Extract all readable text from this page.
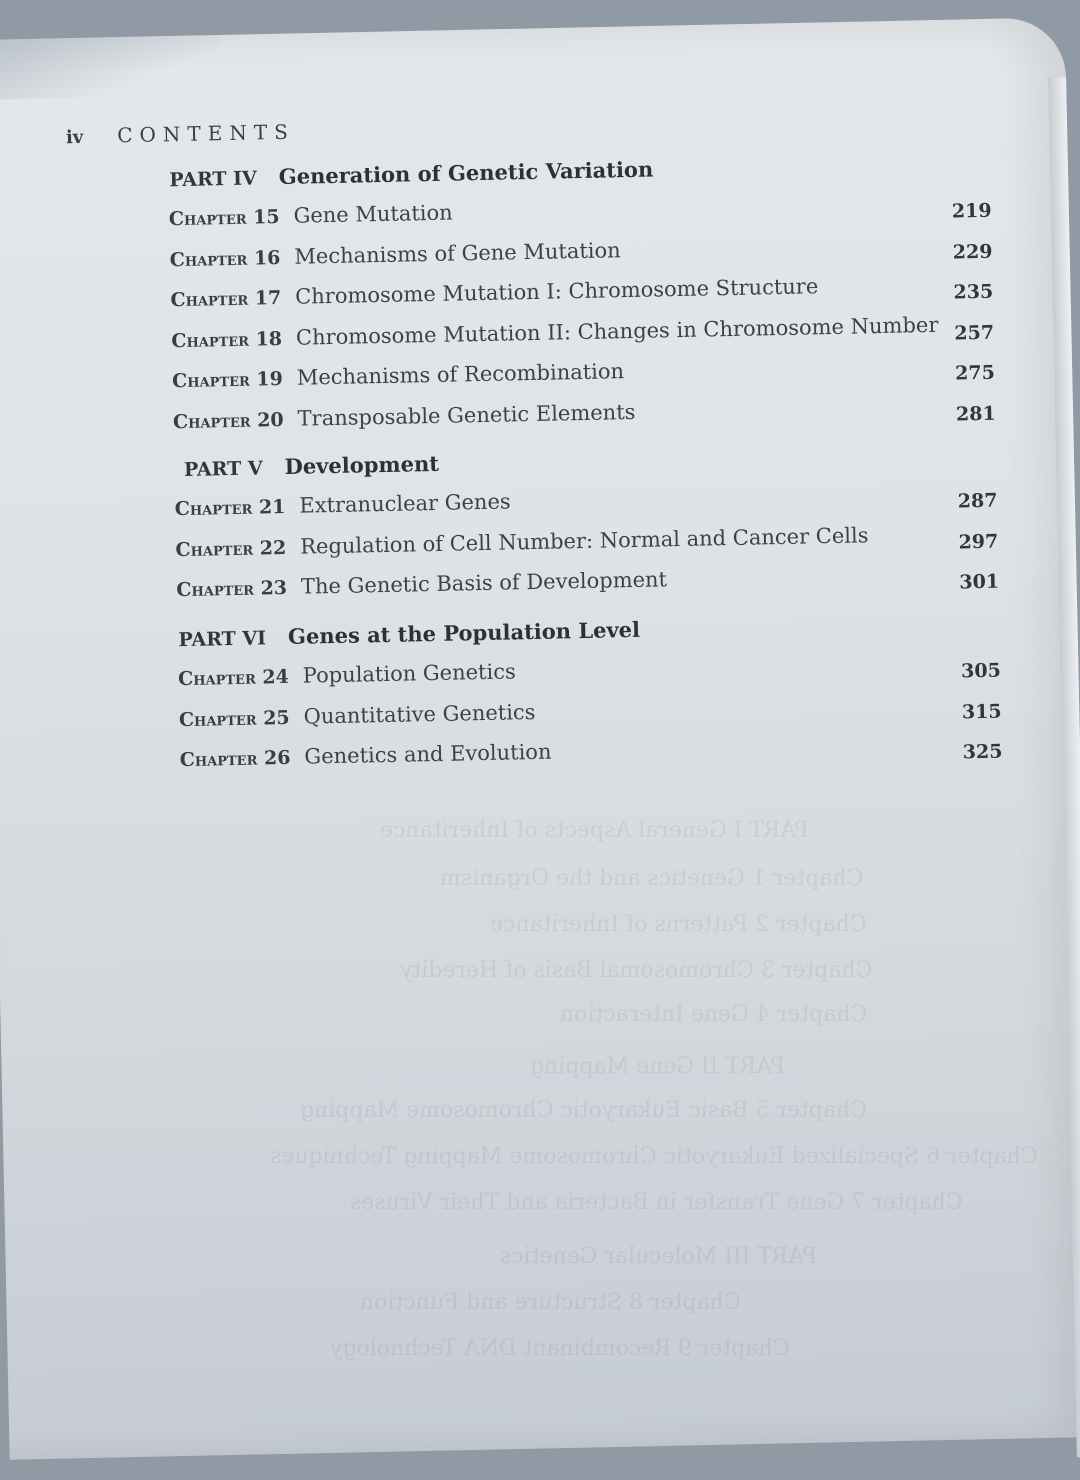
iv CONTENTS
PART IV	Generation of Genetic Variation
Chapter 15 Gene Mutation	219
Chapter 16 Mechanisms of Gene Mutation	229
Chapter 17 Chromosome Mutation I: Chromosome Structure	235
Chapter 18 Chromosome Mutation II: Changes in Chromosome Number 257
Chapter 19 Mechanisms of Recombination	275
Chapter 20 Transposable Genetic Elements	281
PART V	Development
Chapter 21 Extranuclear Genes	287
Chapter 22 Regulation of Cell Number: Normal and Cancer Cells	297
Chapter 23 The Genetic Basis of Development	301
PART VI	Genes at the Population Level
Chapter 24 Population Genetics	305
Chapter 25 Quantitative Genetics	315
Chapter 26 Genetics and Evolution	325
